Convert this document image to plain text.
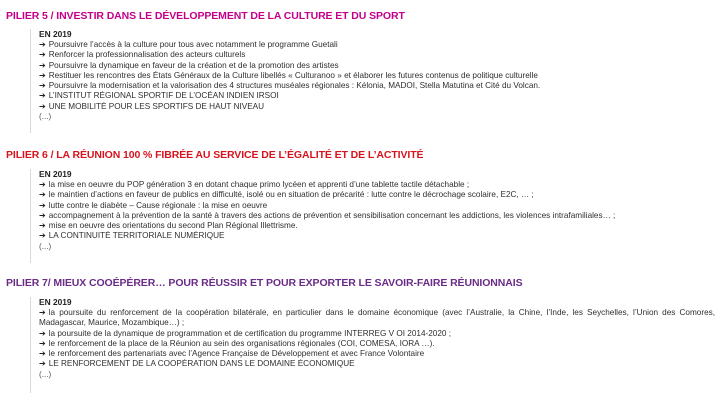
PILIER 5 / INVESTIR DANS LE DÉVELOPPEMENT DE LA CULTURE ET DU SPORT
EN 2019
➔ Poursuivre l’accès à la culture pour tous avec notamment le programme Guetali
➔ Renforcer la professionnalisation des acteurs culturels
➔ Poursuivre la dynamique en faveur de la création et de la promotion des artistes
➔ Restituer les rencontres des États Généraux de la Culture libellés « Culturanoo » et élaborer les futures contenus de politique culturelle
➔ Poursuivre la modernisation et la valorisation des 4 structures muséales régionales : Kélonia, MADOI, Stella Matutina et Cité du Volcan.
➔ L’INSTITUT RÉGIONAL SPORTIF DE L’OCÉAN INDIEN IRSOI
➔ UNE MOBILITÉ POUR LES SPORTIFS DE HAUT NIVEAU
(...)
PILIER 6 / LA RÉUNION 100 % FIBRÉE AU SERVICE DE L’ÉGALITÉ ET DE L’ACTIVITÉ
EN 2019
➔ la mise en oeuvre du POP génération 3 en dotant chaque primo lycéen et apprenti d’une tablette tactile détachable ;
➔ le maintien d’actions en faveur de publics en difficulté, isolé ou en situation de précarité : lutte contre le décrochage scolaire, E2C, … ;
➔ lutte contre le diabète – Cause régionale : la mise en oeuvre
➔ accompagnement à la prévention de la santé à travers des actions de prévention et sensibilisation concernant les addictions, les violences intrafamiliales… ;
➔ mise en oeuvre des orientations du second Plan Régional Illettrisme.
➔ LA CONTINUITÉ TERRITORIALE NUMÉRIQUE
(...)
PILIER 7/ MIEUX COOÉPÉRER… POUR RÉUSSIR ET POUR EXPORTER LE SAVOIR-FAIRE RÉUNIONNAIS
EN 2019
➔ la poursuite du renforcement de la coopération bilatérale, en particulier dans le domaine économique (avec l’Australie, la Chine, l’Inde, les Seychelles, l’Union des Comores, Madagascar, Maurice, Mozambique…) ;
➔ la poursuite de la dynamique de programmation et de certification du programme INTERREG V OI 2014-2020 ;
➔ le renforcement de la place de la Réunion au sein des organisations régionales (COI, COMESA, IORA …).
➔ le renforcement des partenariats avec l’Agence Française de Développement et avec France Volontaire
➔ LE RENFORCEMENT DE LA COOPÉRATION DANS LE DOMAINE ÉCONOMIQUE
(...)
